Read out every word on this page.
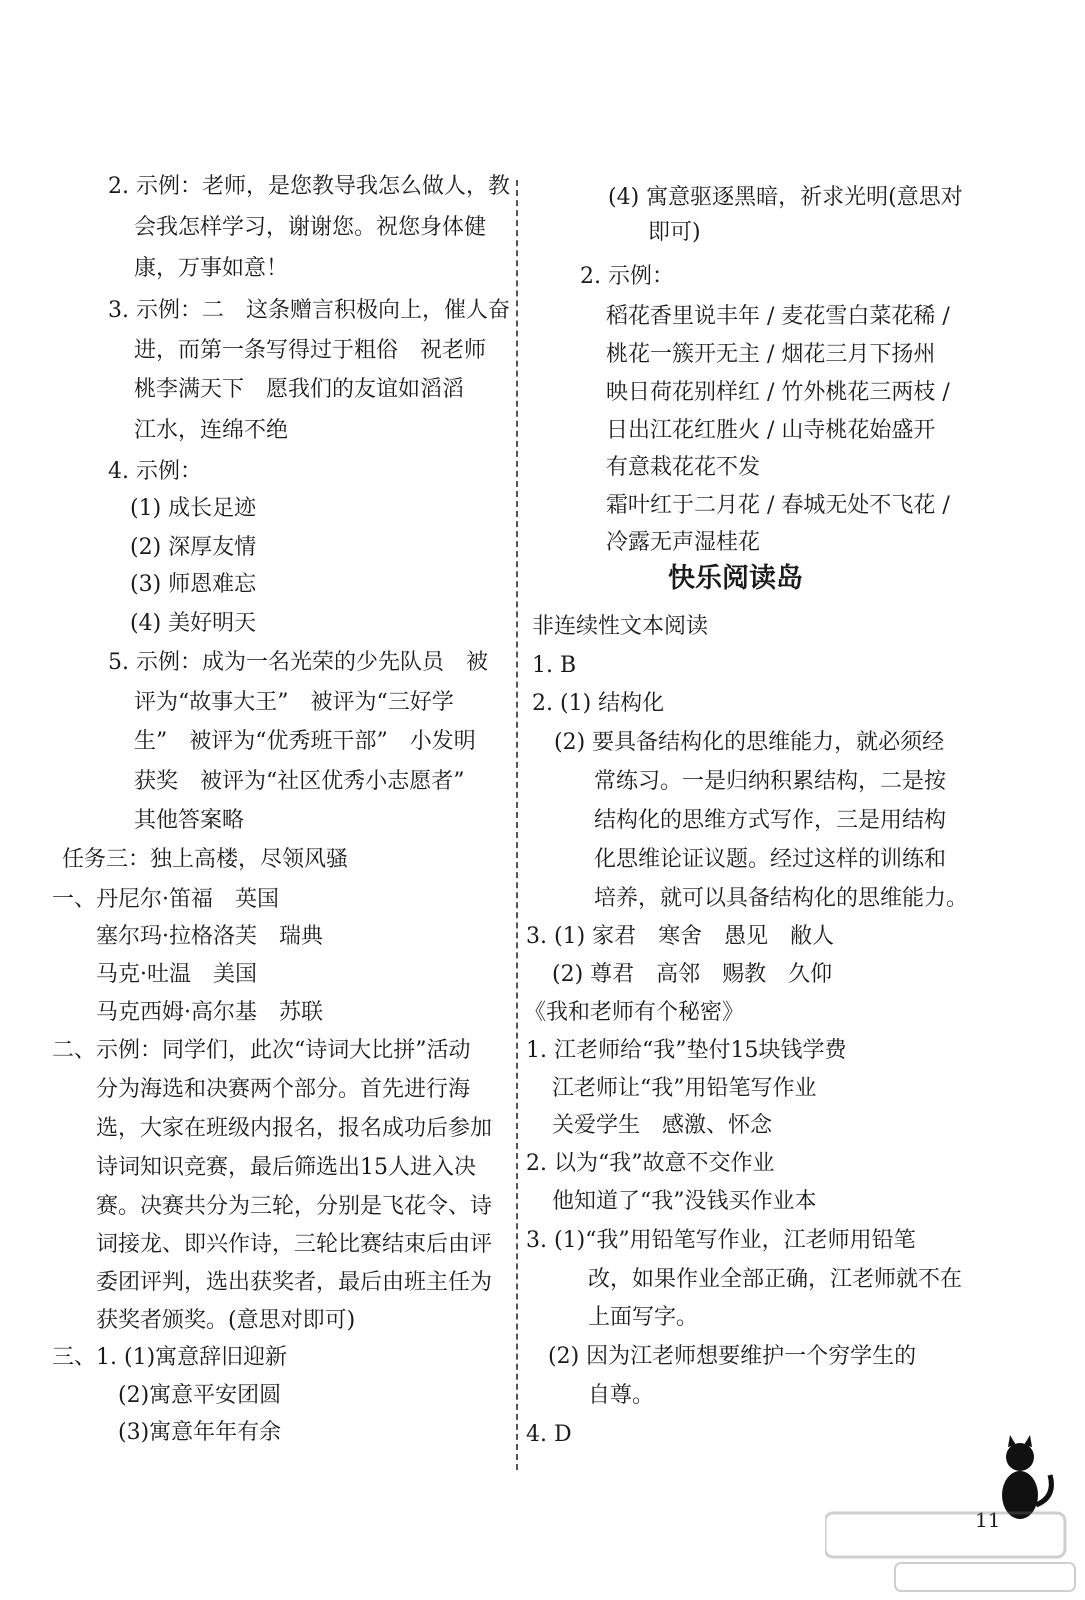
快乐阅读岛
11
2. 示例：老师，是您教导我怎么做人，教
会我怎样学习，谢谢您。祝您身体健
康，万事如意！
3. 示例：二　这条赠言积极向上，催人奋
进，而第一条写得过于粗俗　祝老师
桃李满天下　愿我们的友谊如滔滔
江水，连绵不绝
4. 示例：
(1) 成长足迹
(2) 深厚友情
(3) 师恩难忘
(4) 美好明天
5. 示例：成为一名光荣的少先队员　被
评为“故事大王”　被评为“三好学
生”　被评为“优秀班干部”　小发明
获奖　被评为“社区优秀小志愿者”
其他答案略
任务三：独上高楼，尽领风骚
一、丹尼尔·笛福　英国
塞尔玛·拉格洛芙　瑞典
马克·吐温　美国
马克西姆·高尔基　苏联
二、示例：同学们，此次“诗词大比拼”活动
分为海选和决赛两个部分。首先进行海
选，大家在班级内报名，报名成功后参加
诗词知识竞赛，最后筛选出15人进入决
赛。决赛共分为三轮，分别是飞花令、诗
词接龙、即兴作诗，三轮比赛结束后由评
委团评判，选出获奖者，最后由班主任为
获奖者颁奖。(意思对即可)
三、1. (1)寓意辞旧迎新
(2)寓意平安团圆
(3)寓意年年有余
(4) 寓意驱逐黑暗，祈求光明(意思对
即可)
2. 示例：
稻花香里说丰年 / 麦花雪白菜花稀 /
桃花一簇开无主 / 烟花三月下扬州
映日荷花别样红 / 竹外桃花三两枝 /
日出江花红胜火 / 山寺桃花始盛开
有意栽花花不发
霜叶红于二月花 / 春城无处不飞花 /
冷露无声湿桂花
非连续性文本阅读
1. B
2. (1) 结构化
(2) 要具备结构化的思维能力，就必须经
常练习。一是归纳积累结构，二是按
结构化的思维方式写作，三是用结构
化思维论证议题。经过这样的训练和
培养，就可以具备结构化的思维能力。
3. (1) 家君　寒舍　愚见　敝人
(2) 尊君　高邻　赐教　久仰
《我和老师有个秘密》
1. 江老师给“我”垫付15块钱学费
江老师让“我”用铅笔写作业
关爱学生　感激、怀念
2. 以为“我”故意不交作业
他知道了“我”没钱买作业本
3. (1)“我”用铅笔写作业，江老师用铅笔
改，如果作业全部正确，江老师就不在
上面写字。
(2) 因为江老师想要维护一个穷学生的
自尊。
4. D
